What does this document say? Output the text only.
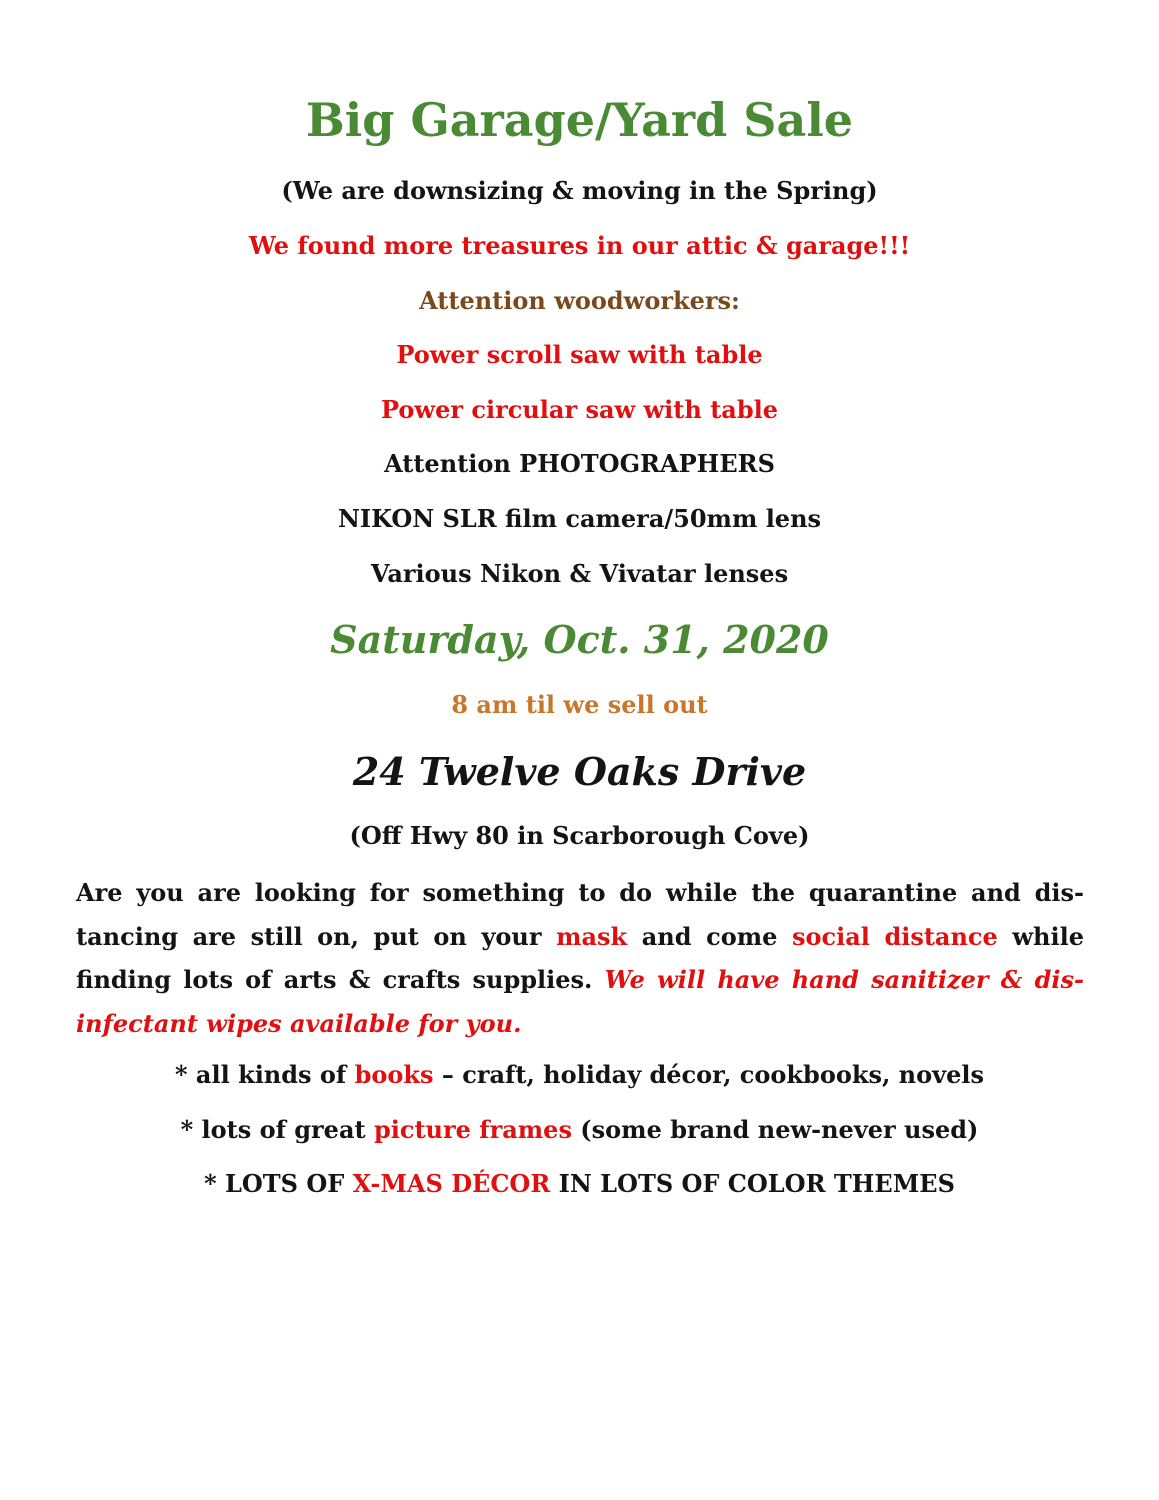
Big Garage/Yard Sale

(We are downsizing & moving in the Spring)

We found more treasures in our attic & garage!!!

Attention woodworkers:

Power scroll saw with table

Power circular saw with table

Attention PHOTOGRAPHERS

NIKON SLR film camera/50mm lens

Various Nikon & Vivatar lenses

Saturday, Oct. 31, 2020

8 am til we sell out

24 Twelve Oaks Drive

(Off Hwy 80 in Scarborough Cove)

Are you are looking for something to do while the quarantine and distancing are still on, put on your mask and come social distance while finding lots of arts & crafts supplies. We will have hand sanitizer & disinfectant wipes available for you.

* all kinds of books – craft, holiday décor, cookbooks, novels

* lots of great picture frames (some brand new-never used)

* LOTS OF X-MAS DÉCOR IN LOTS OF COLOR THEMES
